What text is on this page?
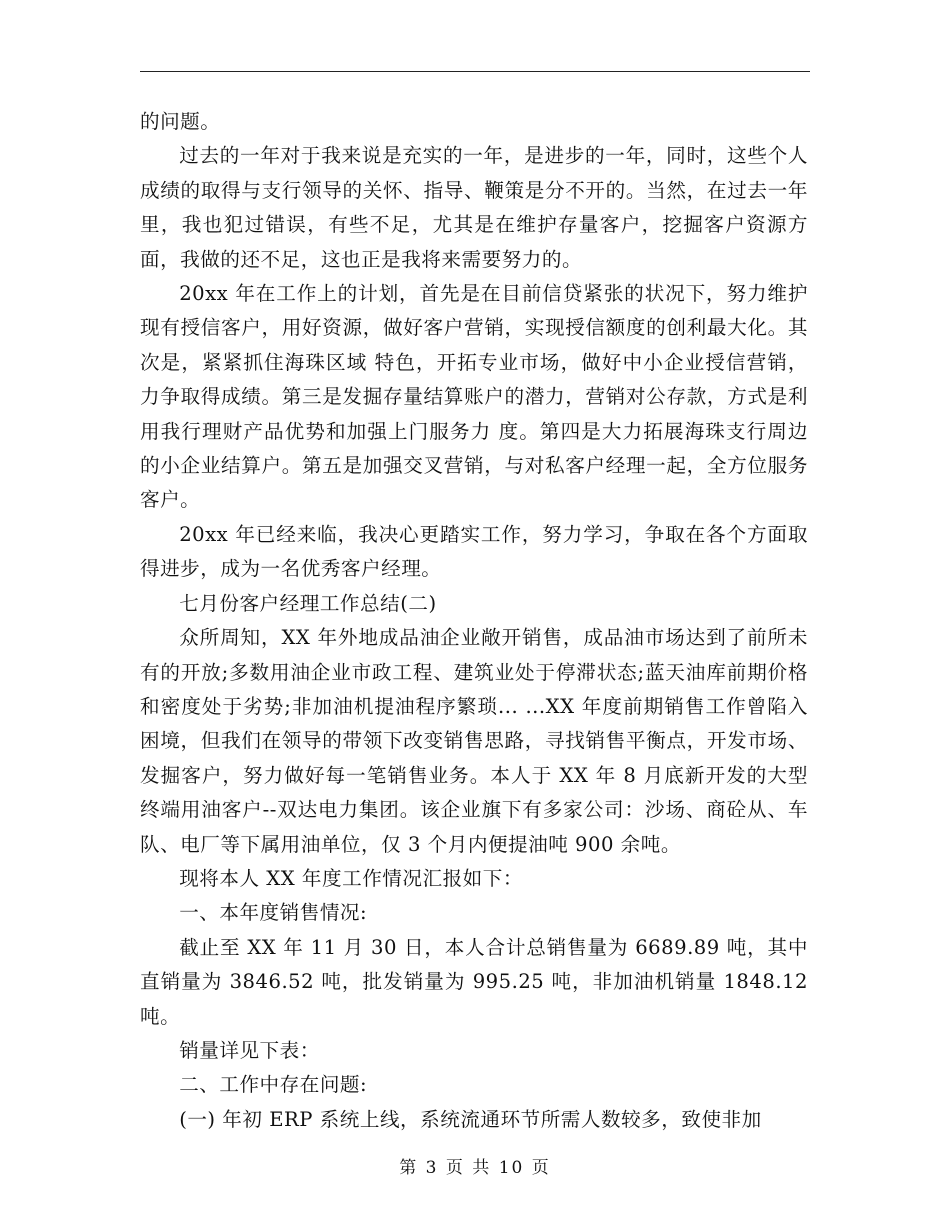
的问题。

过去的一年对于我来说是充实的一年，是进步的一年，同时，这些个人成绩的取得与支行领导的关怀、指导、鞭策是分不开的。当然，在过去一年里，我也犯过错误，有些不足，尤其是在维护存量客户，挖掘客户资源方面，我做的还不足，这也正是我将来需要努力的。

20xx 年在工作上的计划，首先是在目前信贷紧张的状况下，努力维护现有授信客户，用好资源，做好客户营销，实现授信额度的创利最大化。其次是，紧紧抓住海珠区域 特色，开拓专业市场，做好中小企业授信营销，力争取得成绩。第三是发掘存量结算账户的潜力，营销对公存款，方式是利用我行理财产品优势和加强上门服务力 度。第四是大力拓展海珠支行周边的小企业结算户。第五是加强交叉营销，与对私客户经理一起，全方位服务客户。

20xx 年已经来临，我决心更踏实工作，努力学习，争取在各个方面取得进步，成为一名优秀客户经理。

七月份客户经理工作总结(二)

众所周知，XX 年外地成品油企业敞开销售，成品油市场达到了前所未有的开放;多数用油企业市政工程、建筑业处于停滞状态;蓝天油库前期价格和密度处于劣势;非加油机提油程序繁琐... ...XX 年度前期销售工作曾陷入困境，但我们在领导的带领下改变销售思路，寻找销售平衡点，开发市场、发掘客户，努力做好每一笔销售业务。本人于 XX 年 8 月底新开发的大型终端用油客户--双达电力集团。该企业旗下有多家公司：沙场、商砼从、车队、电厂等下属用油单位，仅 3 个月内便提油吨 900 余吨。

现将本人 XX 年度工作情况汇报如下：

一、本年度销售情况:

截止至 XX 年 11 月 30 日，本人合计总销售量为 6689.89 吨，其中直销量为 3846.52 吨，批发销量为 995.25 吨，非加油机销量 1848.12 吨。

销量详见下表：

二、工作中存在问题:

(一) 年初 ERP 系统上线，系统流通环节所需人数较多，致使非加

第 3 页 共 10 页
